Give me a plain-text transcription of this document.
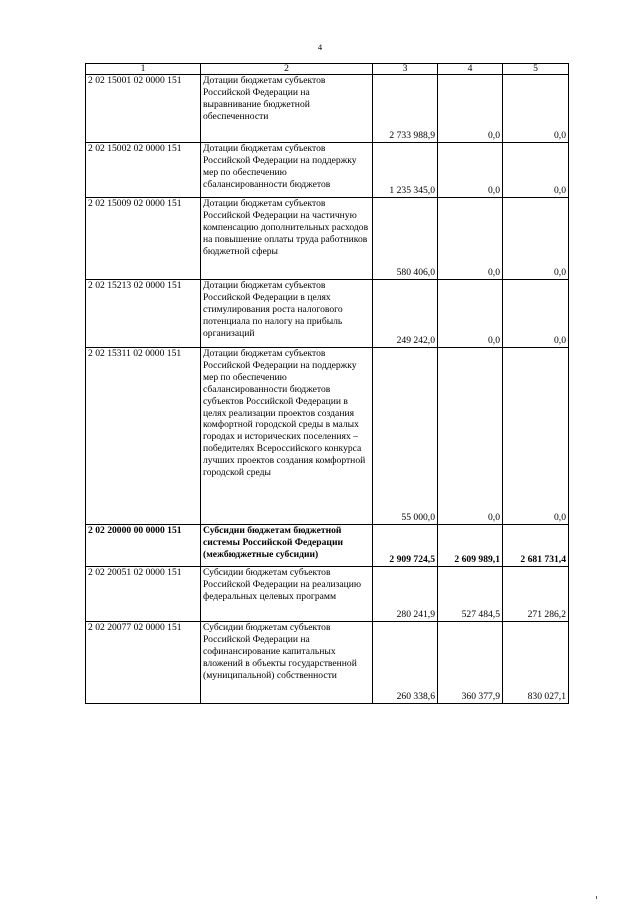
4
1	2	3	4	5
2 02 15001 02 0000 151	Дотации бюджетам субъектов Российской Федерации на выравнивание бюджетной обеспеченности	2 733 988,9	0,0	0,0
2 02 15002 02 0000 151	Дотации бюджетам субъектов Российской Федерации на поддержку мер по обеспечению сбалансированности бюджетов	1 235 345,0	0,0	0,0
2 02 15009 02 0000 151	Дотации бюджетам субъектов Российской Федерации на частичную компенсацию дополнительных расходов на повышение оплаты труда работников бюджетной сферы	580 406,0	0,0	0,0
2 02 15213 02 0000 151	Дотации бюджетам субъектов Российской Федерации в целях стимулирования роста налогового потенциала по налогу на прибыль организаций	249 242,0	0,0	0,0
2 02 15311 02 0000 151	Дотации бюджетам субъектов Российской Федерации на поддержку мер по обеспечению сбалансированности бюджетов субъектов Российской Федерации в целях реализации проектов создания комфортной городской среды в малых городах и исторических поселениях – победителях Всероссийского конкурса лучших проектов создания комфортной городской среды	55 000,0	0,0	0,0
2 02 20000 00 0000 151	Субсидии бюджетам бюджетной системы Российской Федерации (межбюджетные субсидии)	2 909 724,5	2 609 989,1	2 681 731,4
2 02 20051 02 0000 151	Субсидии бюджетам субъектов Российской Федерации на реализацию федеральных целевых программ	280 241,9	527 484,5	271 286,2
2 02 20077 02 0000 151	Субсидии бюджетам субъектов Российской Федерации на софинансирование капитальных вложений в объекты государственной (муниципальной) собственности	260 338,6	360 377,9	830 027,1
